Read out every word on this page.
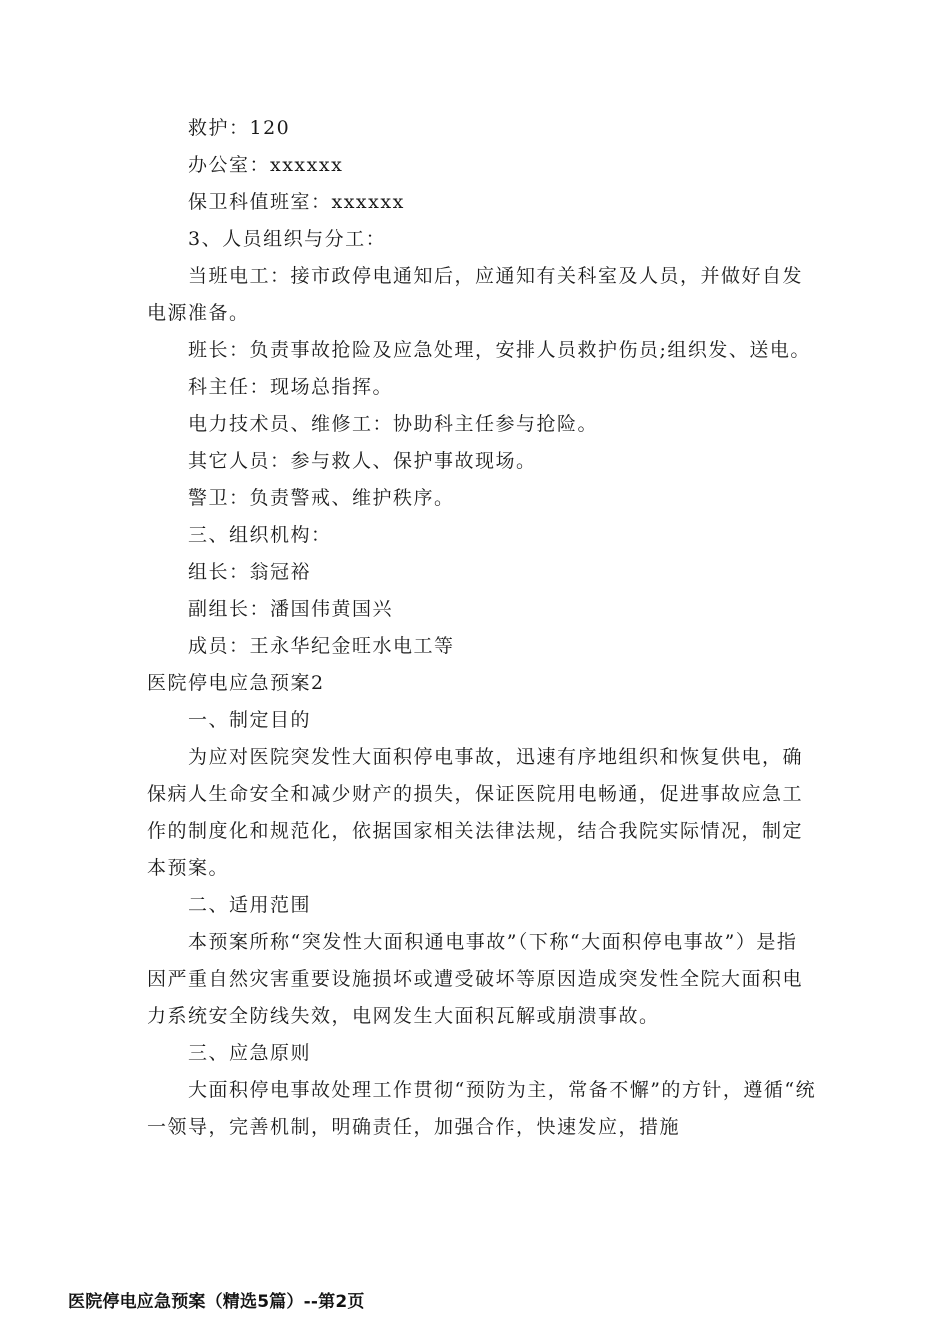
救护：120

办公室：xxxxxx

保卫科值班室：xxxxxx

3、人员组织与分工：

当班电工：接市政停电通知后，应通知有关科室及人员，并做好自发电源准备。

班长：负责事故抢险及应急处理，安排人员救护伤员;组织发、送电。

科主任：现场总指挥。

电力技术员、维修工：协助科主任参与抢险。

其它人员：参与救人、保护事故现场。

警卫：负责警戒、维护秩序。

三、组织机构：

组长：翁冠裕

副组长：潘国伟黄国兴

成员：王永华纪金旺水电工等

医院停电应急预案2

一、制定目的

为应对医院突发性大面积停电事故，迅速有序地组织和恢复供电，确保病人生命安全和减少财产的损失，保证医院用电畅通，促进事故应急工作的制度化和规范化，依据国家相关法律法规，结合我院实际情况，制定本预案。

二、适用范围

本预案所称“突发性大面积通电事故”（下称“大面积停电事故”）是指因严重自然灾害重要设施损坏或遭受破坏等原因造成突发性全院大面积电力系统安全防线失效，电网发生大面积瓦解或崩溃事故。

三、应急原则

大面积停电事故处理工作贯彻“预防为主，常备不懈”的方针，遵循“统一领导，完善机制，明确责任，加强合作，快速发应，措施

医院停电应急预案（精选5篇）--第2页
